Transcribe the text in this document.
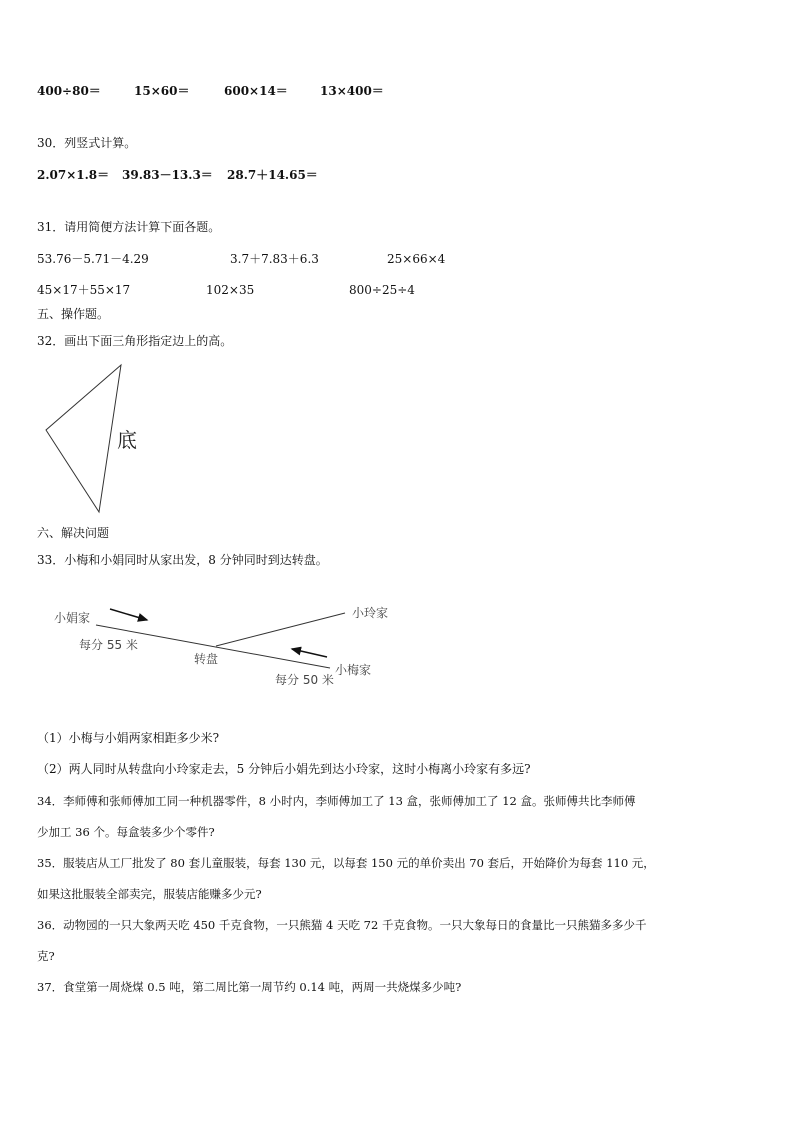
400÷80＝	15×60＝	600×14＝	13×400＝
30．列竖式计算。
2.07×1.8＝ 39.83－13.3＝ 28.7＋14.65＝
31．请用简便方法计算下面各题。
53.76－5.71－4.29	3.7＋7.83＋6.3	25×66×4
45×17＋55×17	102×35	800÷25÷4
五、操作题。
32．画出下面三角形指定边上的高。
底
六、解决问题
33．小梅和小娟同时从家出发，8 分钟同时到达转盘。
小娟家	小玲家
小梅家
转盘
每分 55 米
每分 50 米
（1）小梅与小娟两家相距多少米?
（2）两人同时从转盘向小玲家走去，5 分钟后小娟先到达小玲家，这时小梅离小玲家有多远?
34．李师傅和张师傅加工同一种机器零件，8 小时内，李师傅加工了 13 盒，张师傅加工了 12 盒。张师傅共比李师傅
少加工 36 个。每盒装多少个零件?
35．服装店从工厂批发了 80 套儿童服装，每套 130 元，以每套 150 元的单价卖出 70 套后，开始降价为每套 110 元，
如果这批服装全部卖完，服装店能赚多少元?
36．动物园的一只大象两天吃 450 千克食物，一只熊猫 4 天吃 72 千克食物。一只大象每日的食量比一只熊猫多多少千
克?
37．食堂第一周烧煤 0.5 吨，第二周比第一周节约 0.14 吨，两周一共烧煤多少吨?
